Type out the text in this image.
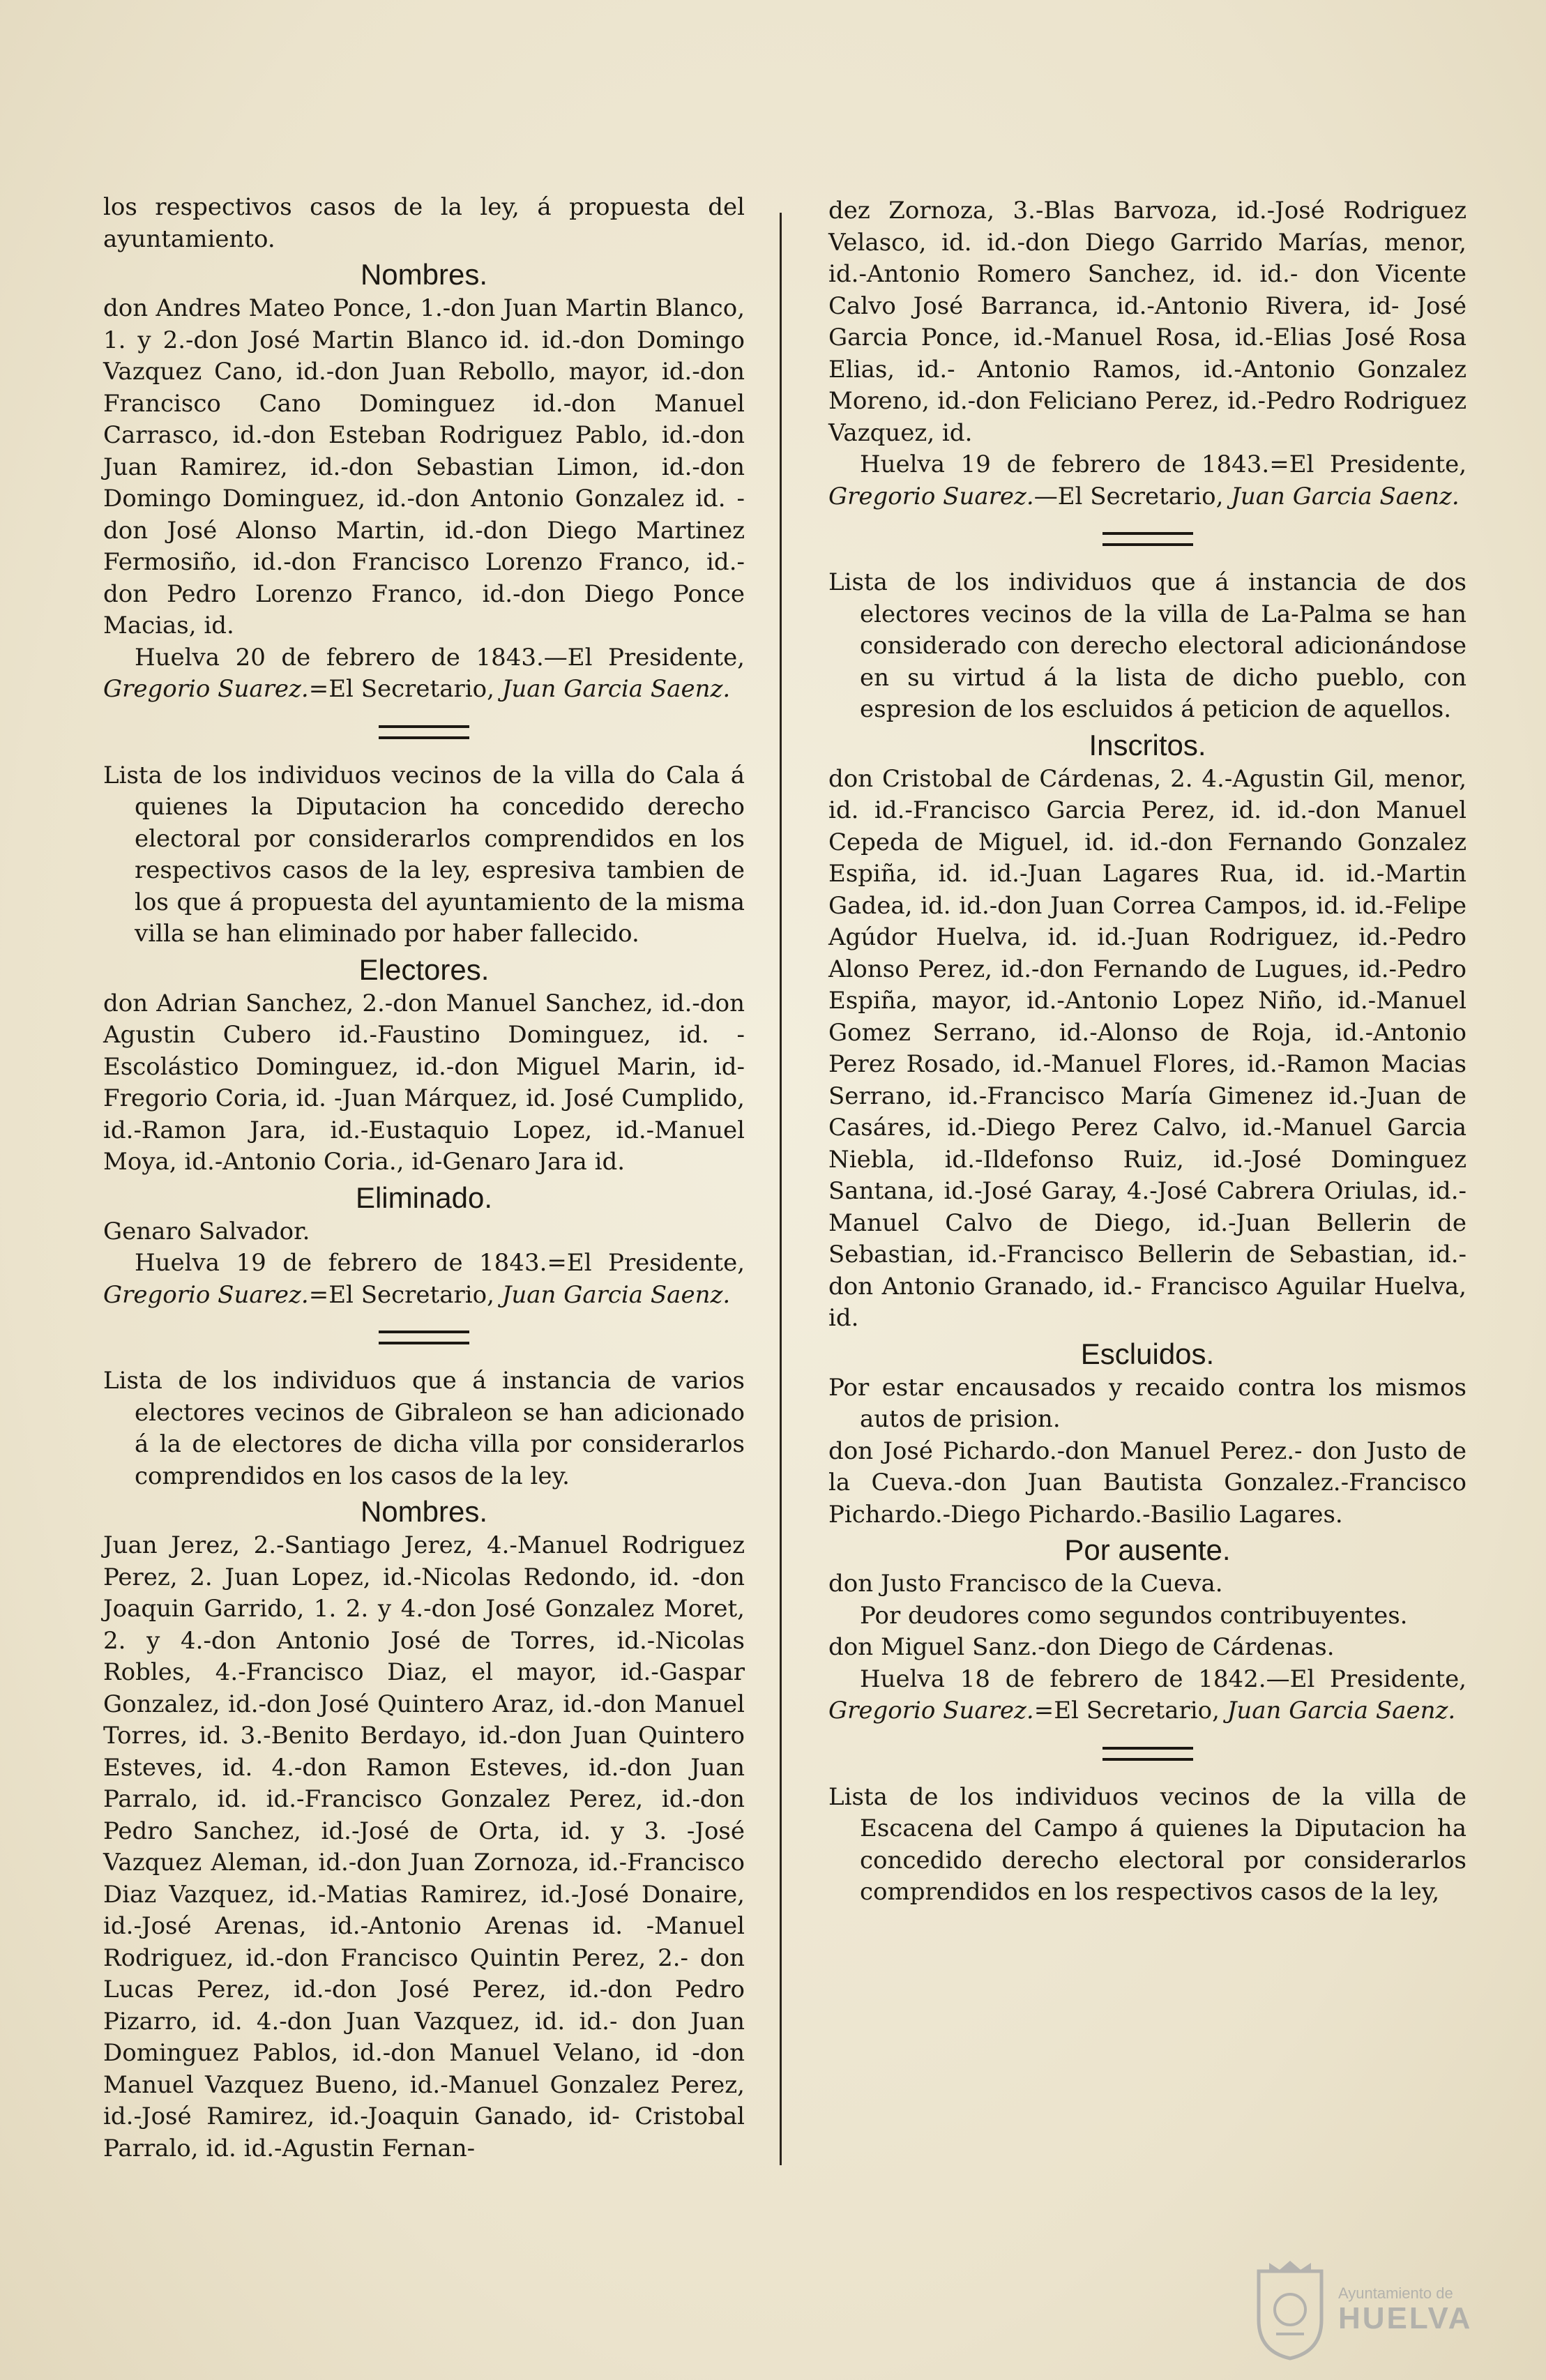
los respectivos casos de la ley, á propuesta del ayuntamiento.

Nombres.

don Andres Mateo Ponce, 1.-don Juan Martin Blanco, 1. y 2.-don José Martin Blanco id. id.-don Domingo Vazquez Cano, id.-don Juan Rebollo, mayor, id.-don Francisco Cano Dominguez id.-don Manuel Carrasco, id.-don Esteban Rodriguez Pablo, id.-don Juan Ramirez, id.-don Sebastian Limon, id.-don Domingo Dominguez, id.-don Antonio Gonzalez id. -don José Alonso Martin, id.-don Diego Martinez Fermosiño, id.-don Francisco Lorenzo Franco, id.-don Pedro Lorenzo Franco, id.-don Diego Ponce Macias, id.

Huelva 20 de febrero de 1843.—El Presidente, Gregorio Suarez.=El Secretario, Juan Garcia Saenz.

Lista de los individuos vecinos de la villa do Cala á quienes la Diputacion ha concedido derecho electoral por considerarlos comprendidos en los respectivos casos de la ley, espresiva tambien de los que á propuesta del ayuntamiento de la misma villa se han eliminado por haber fallecido.

Electores.

don Adrian Sanchez, 2.-don Manuel Sanchez, id.-don Agustin Cubero id.-Faustino Dominguez, id. -Escolástico Dominguez, id.-don Miguel Marin, id-Fregorio Coria, id. -Juan Márquez, id. José Cumplido, id.-Ramon Jara, id.-Eustaquio Lopez, id.-Manuel Moya, id.-Antonio Coria., id-Genaro Jara id.

Eliminado.

Genaro Salvador.

Huelva 19 de febrero de 1843.=El Presidente, Gregorio Suarez.=El Secretario, Juan Garcia Saenz.

Lista de los individuos que á instancia de varios electores vecinos de Gibraleon se han adicionado á la de electores de dicha villa por considerarlos comprendidos en los casos de la ley.

Nombres.

Juan Jerez, 2.-Santiago Jerez, 4.-Manuel Rodriguez Perez, 2. Juan Lopez, id.-Nicolas Redondo, id. -don Joaquin Garrido, 1. 2. y 4.-don José Gonzalez Moret, 2. y 4.-don Antonio José de Torres, id.-Nicolas Robles, 4.-Francisco Diaz, el mayor, id.-Gaspar Gonzalez, id.-don José Quintero Araz, id.-don Manuel Torres, id. 3.-Benito Berdayo, id.-don Juan Quintero Esteves, id. 4.-don Ramon Esteves, id.-don Juan Parralo, id. id.-Francisco Gonzalez Perez, id.-don Pedro Sanchez, id.-José de Orta, id. y 3. -José Vazquez Aleman, id.-don Juan Zornoza, id.-Francisco Diaz Vazquez, id.-Matias Ramirez, id.-José Donaire, id.-José Arenas, id.-Antonio Arenas id. -Manuel Rodriguez, id.-don Francisco Quintin Perez, 2.- don Lucas Perez, id.-don José Perez, id.-don Pedro Pizarro, id. 4.-don Juan Vazquez, id. id.- don Juan Dominguez Pablos, id.-don Manuel Velano, id -don Manuel Vazquez Bueno, id.-Manuel Gonzalez Perez, id.-José Ramirez, id.-Joaquin Ganado, id- Cristobal Parralo, id. id.-Agustin Fernan-

dez Zornoza, 3.-Blas Barvoza, id.-José Rodriguez Velasco, id. id.-don Diego Garrido Marías, menor, id.-Antonio Romero Sanchez, id. id.- don Vicente Calvo José Barranca, id.-Antonio Rivera, id- José Garcia Ponce, id.-Manuel Rosa, id.-Elias José Rosa Elias, id.- Antonio Ramos, id.-Antonio Gonzalez Moreno, id.-don Feliciano Perez, id.-Pedro Rodriguez Vazquez, id.

Huelva 19 de febrero de 1843.=El Presidente, Gregorio Suarez.—El Secretario, Juan Garcia Saenz.

Lista de los individuos que á instancia de dos electores vecinos de la villa de La-Palma se han considerado con derecho electoral adicionándose en su virtud á la lista de dicho pueblo, con espresion de los escluidos á peticion de aquellos.

Inscritos.

don Cristobal de Cárdenas, 2. 4.-Agustin Gil, menor, id. id.-Francisco Garcia Perez, id. id.-don Manuel Cepeda de Miguel, id. id.-don Fernando Gonzalez Espiña, id. id.-Juan Lagares Rua, id. id.-Martin Gadea, id. id.-don Juan Correa Campos, id. id.-Felipe Agúdor Huelva, id. id.-Juan Rodriguez, id.-Pedro Alonso Perez, id.-don Fernando de Lugues, id.-Pedro Espiña, mayor, id.-Antonio Lopez Niño, id.-Manuel Gomez Serrano, id.-Alonso de Roja, id.-Antonio Perez Rosado, id.-Manuel Flores, id.-Ramon Macias Serrano, id.-Francisco María Gimenez id.-Juan de Casáres, id.-Diego Perez Calvo, id.-Manuel Garcia Niebla, id.-Ildefonso Ruiz, id.-José Dominguez Santana, id.-José Garay, 4.-José Cabrera Oriulas, id.-Manuel Calvo de Diego, id.-Juan Bellerin de Sebastian, id.-Francisco Bellerin de Sebastian, id.-don Antonio Granado, id.- Francisco Aguilar Huelva, id.

Escluidos.

Por estar encausados y recaido contra los mismos autos de prision.

don José Pichardo.-don Manuel Perez.- don Justo de la Cueva.-don Juan Bautista Gonzalez.-Francisco Pichardo.-Diego Pichardo.-Basilio Lagares.

Por ausente.

don Justo Francisco de la Cueva.

Por deudores como segundos contribuyentes.

don Miguel Sanz.-don Diego de Cárdenas.

Huelva 18 de febrero de 1842.—El Presidente, Gregorio Suarez.=El Secretario, Juan Garcia Saenz.

Lista de los individuos vecinos de la villa de Escacena del Campo á quienes la Diputacion ha concedido derecho electoral por considerarlos comprendidos en los respectivos casos de la ley,

Ayuntamiento de
HUELVA
